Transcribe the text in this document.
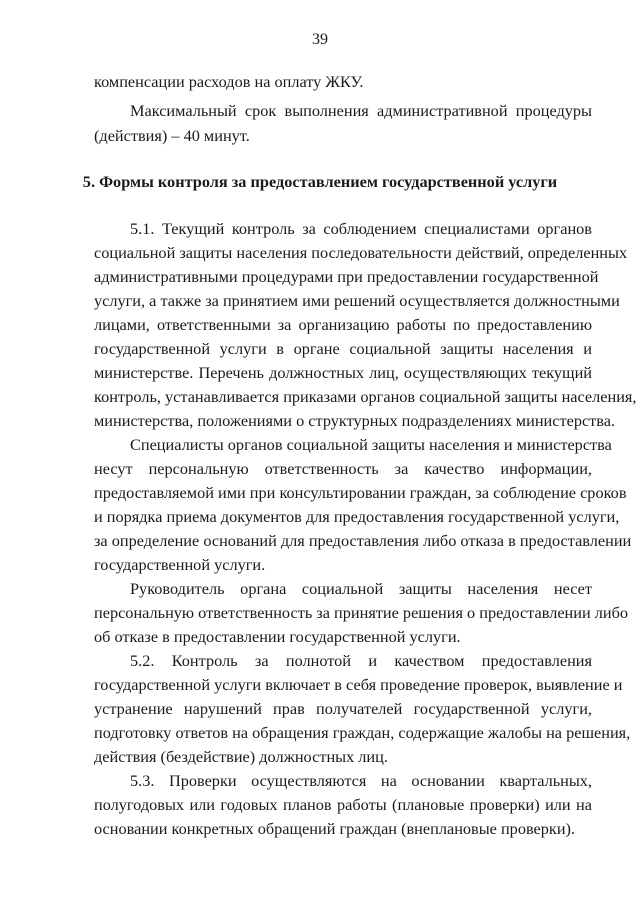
39
компенсации расходов на оплату ЖКУ.
Максимальный срок выполнения административной процедуры
(действия) – 40 минут.
5. Формы контроля за предоставлением государственной услуги
5.1. Текущий контроль за соблюдением специалистами органов
социальной защиты населения последовательности действий, определенных
административными процедурами при предоставлении государственной
услуги, а также за принятием ими решений осуществляется должностными
лицами, ответственными за организацию работы по предоставлению
государственной услуги в органе социальной защиты населения и
министерстве. Перечень должностных лиц, осуществляющих текущий
контроль, устанавливается приказами органов социальной защиты населения,
министерства, положениями о структурных подразделениях министерства.
Специалисты органов социальной защиты населения и министерства
несут персональную ответственность за качество информации,
предоставляемой ими при консультировании граждан, за соблюдение сроков
и порядка приема документов для предоставления государственной услуги,
за определение оснований для предоставления либо отказа в предоставлении
государственной услуги.
Руководитель органа социальной защиты населения несет
персональную ответственность за принятие решения о предоставлении либо
об отказе в предоставлении государственной услуги.
5.2. Контроль за полнотой и качеством предоставления
государственной услуги включает в себя проведение проверок, выявление и
устранение нарушений прав получателей государственной услуги,
подготовку ответов на обращения граждан, содержащие жалобы на решения,
действия (бездействие) должностных лиц.
5.3. Проверки осуществляются на основании квартальных,
полугодовых или годовых планов работы (плановые проверки) или на
основании конкретных обращений граждан (внеплановые проверки).
